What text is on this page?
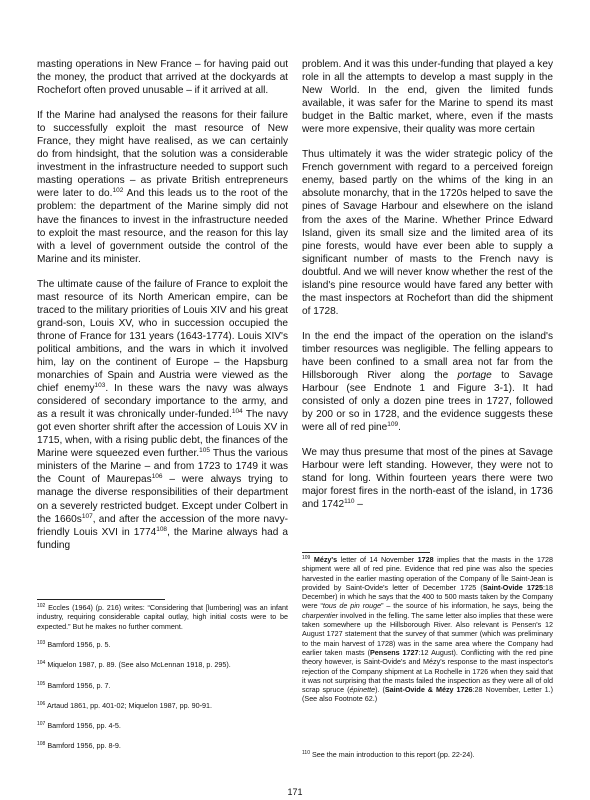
masting operations in New France – for having paid out the money, the product that arrived at the dockyards at Rochefort often proved unusable – if it arrived at all.

If the Marine had analysed the reasons for their failure to successfully exploit the mast resource of New France, they might have realised, as we can certainly do from hindsight, that the solution was a considerable investment in the infrastructure needed to support such masting operations – as private British entrepreneurs were later to do.$^{102}$ And this leads us to the root of the problem: the department of the Marine simply did not have the finances to invest in the infrastructure needed to exploit the mast resource, and the reason for this lay with a level of government outside the control of the Marine and its minister.

The ultimate cause of the failure of France to exploit the mast resource of its North American empire, can be traced to the military priorities of Louis XIV and his great grand-son, Louis XV, who in succession occupied the throne of France for 131 years (1643-1774). Louis XIV's political ambitions, and the wars in which it involved him, lay on the continent of Europe – the Hapsburg monarchies of Spain and Austria were viewed as the chief enemy$^{103}$. In these wars the navy was always considered of secondary importance to the army, and as a result it was chronically under-funded.$^{104}$ The navy got even shorter shrift after the accession of Louis XV in 1715, when, with a rising public debt, the finances of the Marine were squeezed even further.$^{105}$ Thus the various ministers of the Marine – and from 1723 to 1749 it was the Count of Maurepas$^{106}$ – were always trying to manage the diverse responsibilities of their department on a severely restricted budget. Except under Colbert in the $1660s^{107}$, and after the accession of the more navy-friendly Louis XVI in 1774$^{108}$, the Marine always had a funding

problem. And it was this under-funding that played a key role in all the attempts to develop a mast supply in the New World. In the end, given the limited funds available, it was safer for the Marine to spend its mast budget in the Baltic market, where, even if the masts were more expensive, their quality was more certain

Thus ultimately it was the wider strategic policy of the French government with regard to a perceived foreign enemy, based partly on the whims of the king in an absolute monarchy, that in the 1720s helped to save the pines of Savage Harbour and elsewhere on the island from the axes of the Marine. Whether Prince Edward Island, given its small size and the limited area of its pine forests, would have ever been able to supply a significant number of masts to the French navy is doubtful. And we will never know whether the rest of the island's pine resource would have fared any better with the mast inspectors at Rochefort than did the shipment of 1728.

In the end the impact of the operation on the island's timber resources was negligible. The felling appears to have been confined to a small area not far from the Hillsborough River along the portage to Savage Harbour (see Endnote 1 and Figure 3-1). It had consisted of only a dozen pine trees in 1727, followed by 200 or so in 1728, and the evidence suggests these were all of red pine$^{109}$.

We may thus presume that most of the pines at Savage Harbour were left standing. However, they were not to stand for long. Within fourteen years there were two major forest fires in the north-east of the island, in 1736 and 1742$^{110}$ –

$^{102}$ Eccles (1964) (p. 216) writes: “Considering that [lumbering] was an infant industry, requiring considerable capital outlay, high initial costs were to be expected.” But he makes no further comment.
$^{103}$ Bamford 1956, p. 5.
$^{104}$ Miquelon 1987, p. 89. (See also McLennan 1918, p. 295).
$^{105}$ Bamford 1956, p. 7.
$^{106}$ Artaud 1861, pp. 401-02; Miquelon 1987, pp. 90-91.
$^{107}$ Bamford 1956, pp. 4-5.
$^{108}$ Bamford 1956, pp. 8-9.
$^{109}$ Mézy's letter of 14 November 1728 implies that the masts in the 1728 shipment were all of red pine. Evidence that red pine was also the species harvested in the earlier masting operation of the Company of Île Saint-Jean is provided by Saint-Ovide's letter of December 1725 (Saint-Ovide 1725:18 December) in which he says that the 400 to 500 masts taken by the Company were “tous de pin rouge” – the source of his information, he says, being the charpentier involved in the felling. The same letter also implies that these were taken somewhere up the Hillsborough River. Also relevant is Pensen's 12 August 1727 statement that the survey of that summer (which was preliminary to the main harvest of 1728) was in the same area where the Company had earlier taken masts (Pensens 1727:12 August). Conflicting with the red pine theory however, is Saint-Ovide's and Mézy's response to the mast inspector's rejection of the Company shipment at La Rochelle in 1726 when they said that it was not surprising that the masts failed the inspection as they were all of old scrap spruce (épinette). (Saint-Ovide & Mézy 1726:28 November, Letter 1.) (See also Footnote 62.)
$^{110}$ See the main introduction to this report (pp. 22-24).
171
